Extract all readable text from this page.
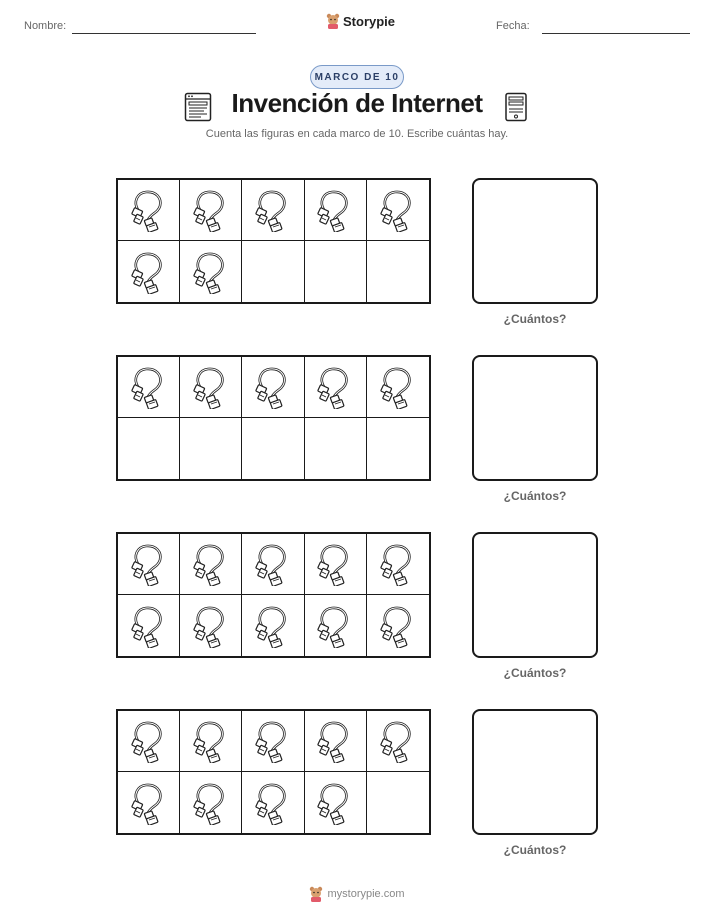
Nombre:	Storypie	Fecha:
MARCO DE 10
Invención de Internet
Cuenta las figuras en cada marco de 10. Escribe cuántas hay.
¿Cuántos?
¿Cuántos?
¿Cuántos?
¿Cuántos?
mystorypie.com
